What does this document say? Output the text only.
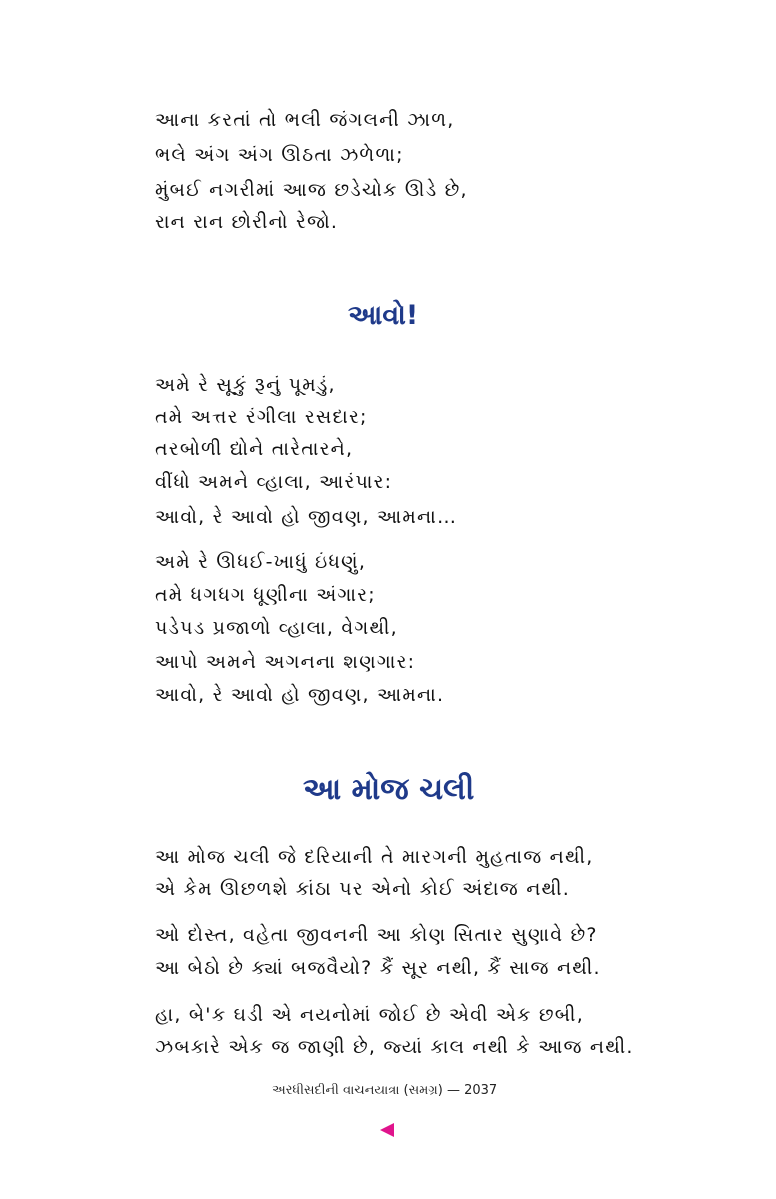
આના કરતાં તો ભલી જંગલની ઝાળ,
ભલે અંગ અંગ ઊઠતા ઝળેળા;
મુંબઈ નગરીમાં આજ છડેચોક ઊડે છે,
રાન રાન છોરીનો રેજો.
આવો!
અમે રે સૂકું રૂનું પૂમડું,
તમે અત્તર રંગીલા રસદાર;
તરબોળી દ્યોને તારેતારને,
વીંધો અમને વ્હાલા, આરંપાર:
આવો, રે આવો હો જીવણ, આમના…
અમે રે ઊધઈ-ખાધું ઇંધણું,
તમે ધગધગ ધૂણીના અંગાર;
પડેપડ પ્રજાળો વ્હાલા, વેગથી,
આપો અમને અગનના શણગાર:
આવો, રે આવો હો જીવણ, આમના.
આ મોજ ચલી
આ મોજ ચલી જે દરિયાની તે મારગની મુહતાજ નથી,
એ કેમ ઊછળશે કાંઠા પર એનો કોઈ અંદાજ નથી.
ઓ દોસ્ત, વહેતા જીવનની આ કોણ સિતાર સુણાવે છે?
આ બેઠો છે ક્યાં બજવૈયો? કૈં સૂર નથી, કૈં સાજ નથી.
હા, બે'ક ઘડી એ નયનોમાં જોઈ છે એવી એક છબી,
ઝબકારે એક જ જાણી છે, જ્યાં કાલ નથી કે આજ નથી.
અરધીસદીની વાચનયાત્રા (સમગ્ર) — 2037
